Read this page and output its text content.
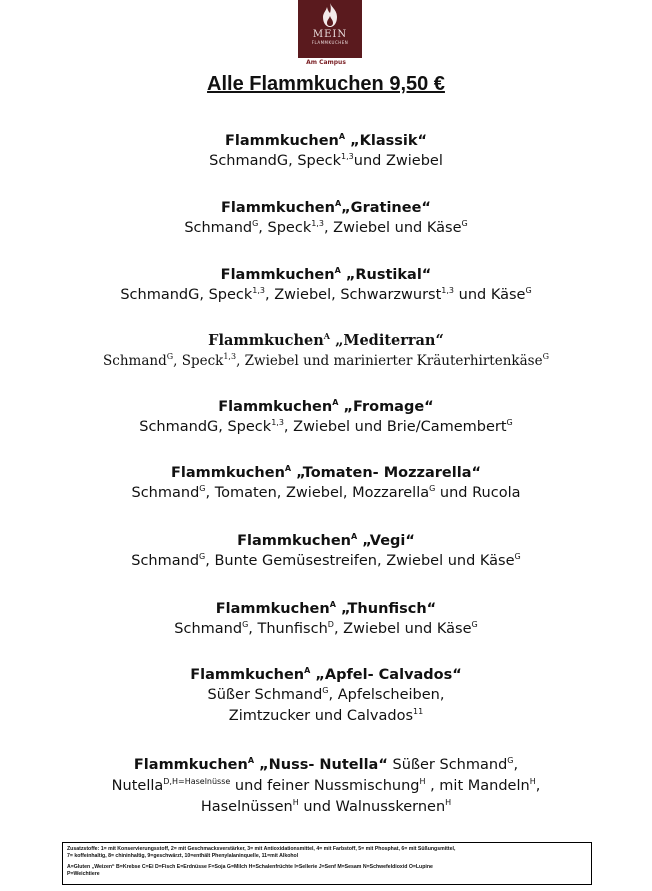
MEIN
FLAMMKUCHEN
Am Campus
Alle Flammkuchen 9,50 €
Flammkuchen$^A$ „Klassik“
SchmandG, Speck$^{1,3}$und Zwiebel
Flammkuchen$^A$„Gratinee“
Schmand$^G$, Speck$^{1,3}$, Zwiebel und Käse$^G$
Flammkuchen$^A$ „Rustikal“
SchmandG, Speck$^{1,3}$, Zwiebel, Schwarzwurst$^{1,3}$ und Käse$^G$
Flammkuchen$^A$ „Mediterran“
Schmand$^G$, Speck$^{1,3}$, Zwiebel und marinierter Kräuterhirtenkäse$^G$
Flammkuchen$^A$ „Fromage“
SchmandG, Speck$^{1,3}$, Zwiebel und Brie/Camembert$^G$
Flammkuchen$^A$ „Tomaten- Mozzarella“
Schmand$^G$, Tomaten, Zwiebel, Mozzarella$^G$ und Rucola
Flammkuchen$^A$ „Vegi“
Schmand$^G$, Bunte Gemüsestreifen, Zwiebel und Käse$^G$
Flammkuchen$^A$ „Thunfisch“
Schmand$^G$, Thunfisch$^D$, Zwiebel und Käse$^G$
Flammkuchen$^A$ „Apfel- Calvados“
Süßer Schmand$^G$, Apfelscheiben,
Zimtzucker und Calvados$^{11}$
Flammkuchen$^A$ „Nuss- Nutella“ Süßer Schmand$^G$,
Nutella$^{D,H=Haselnüsse}$ und feiner Nussmischung$^H$ , mit Mandeln$^H$,
Haselnüssen$^H$ und Walnusskernen$^H$

Zusatzstoffe: 1= mit Konservierungsstoff, 2= mit Geschmacksverstärker, 3= mit Antioxidationsmittel, 4= mit Farbstoff, 5= mit Phosphat, 6= mit Süßungsmittel,

7= koffeinhaltig, 8= chininhaltig, 9=geschwärzt, 10=enthält Phenylalaninquelle, 11=mit Alkohol

A=Gluten „Weizen“ B=Krebse C=Ei D=Fisch E=Erdnüsse F=Soja G=Milch H=Schalenfrüchte I=Sellerie J=Senf M=Sesam N=Schwefeldioxid O=Lupine

P=Weichtiere
